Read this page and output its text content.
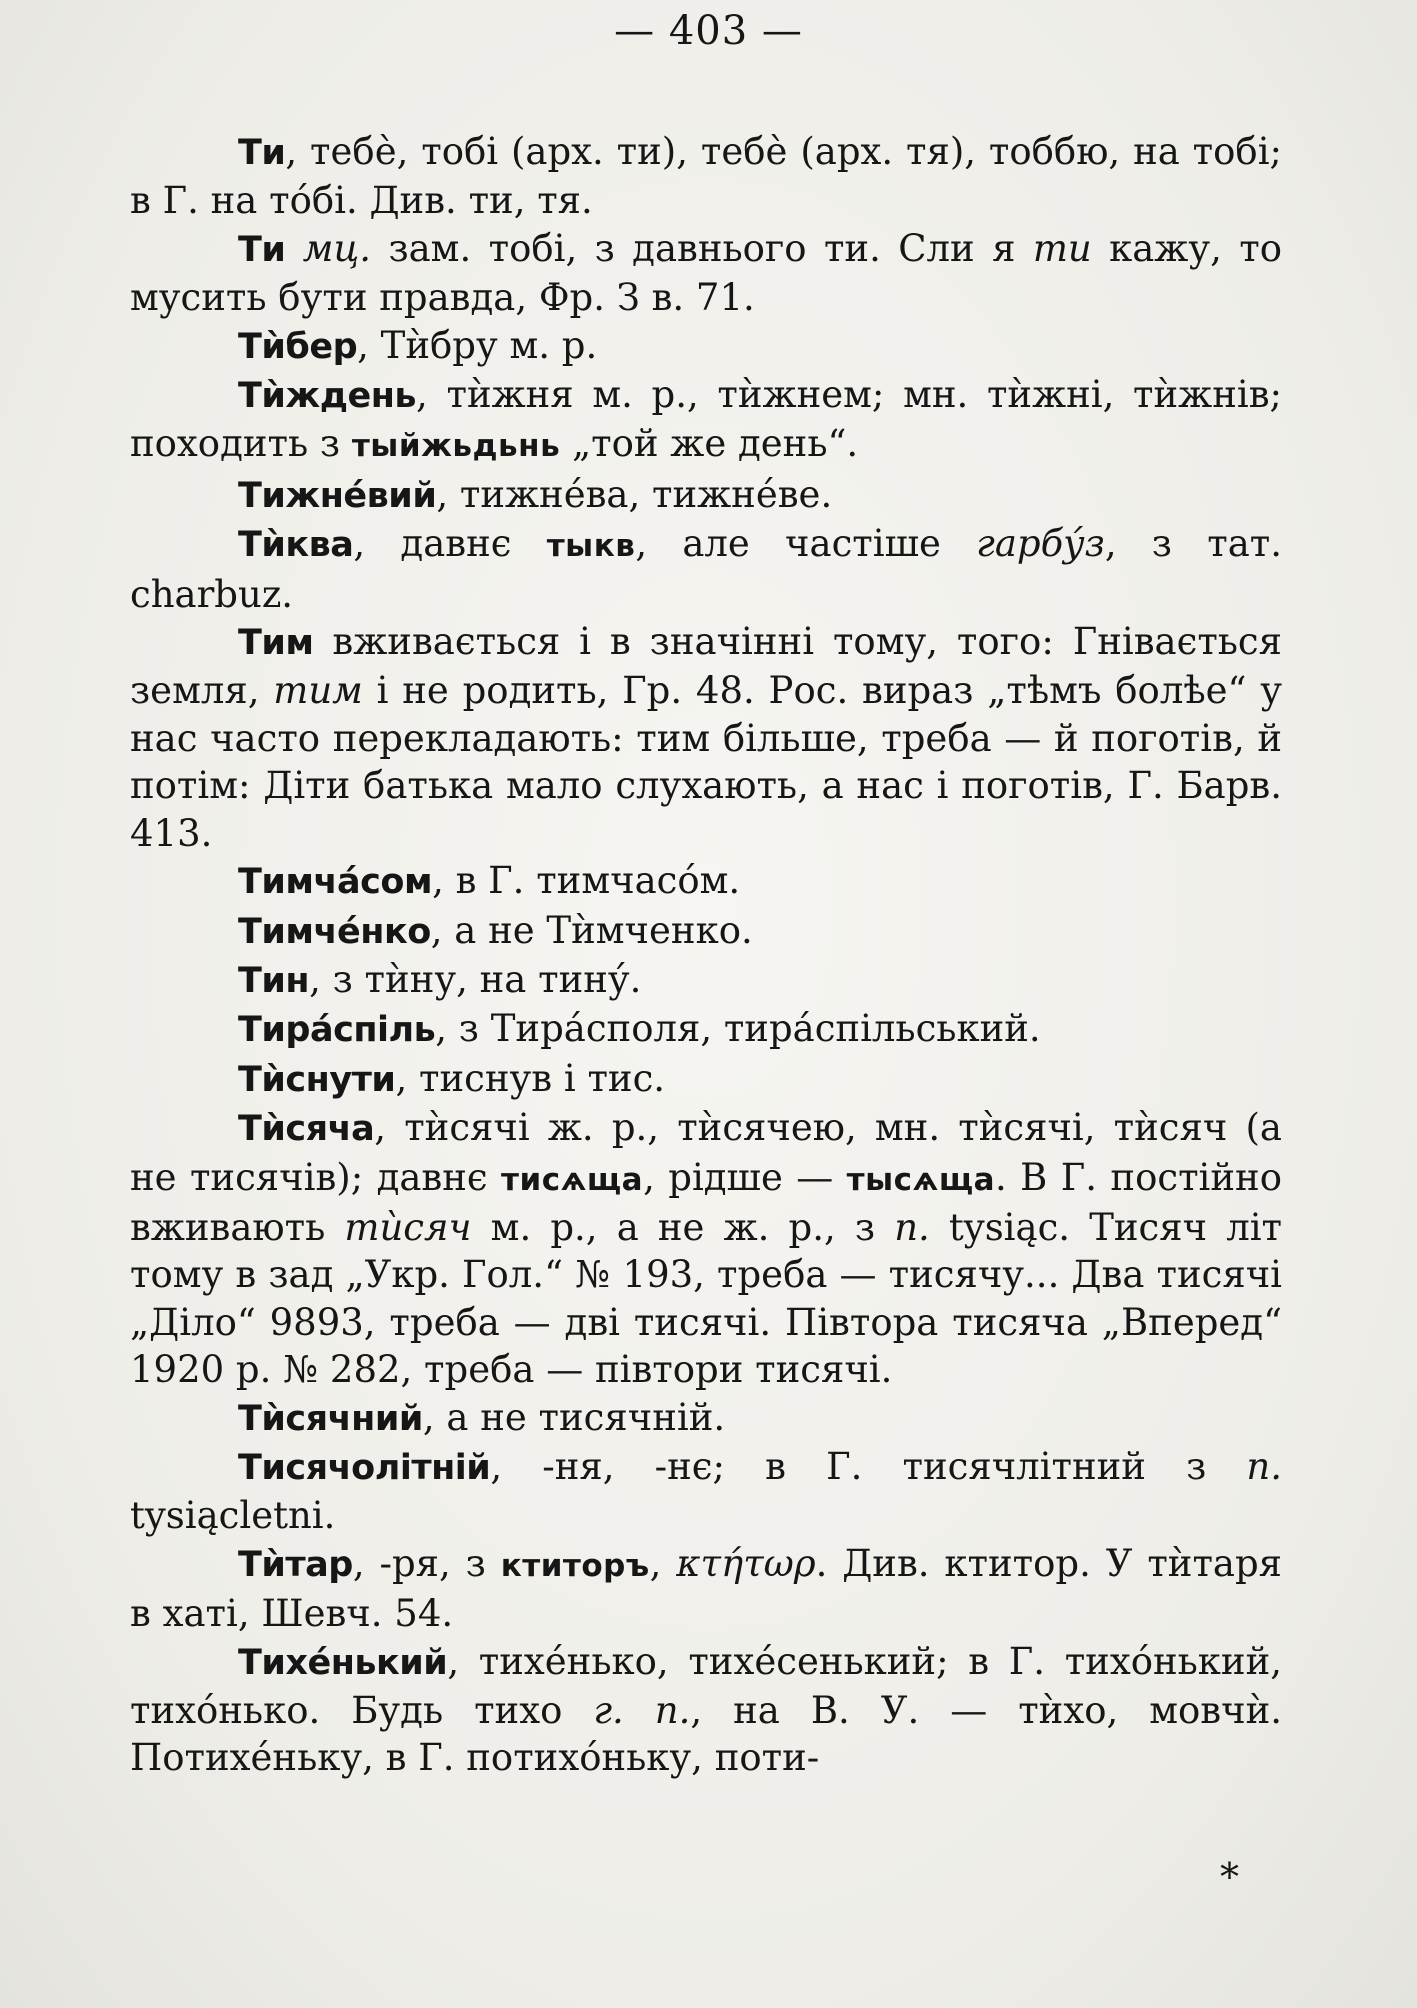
— 403 —

Ти, тебѐ, тобі (арх. ти), тебѐ (арх. тя), тоббю, на тобі; в Г. на тóбі. Див. ти, тя.

Ти мц. зам. тобі, з давнього ти. Сли я ти кажу, то мусить бути правда, Фр. З в. 71.

Тѝбер, Тѝбру м. р.

Тѝждень, тѝжня м. р., тѝжнем; мн. тѝжні, тѝжнів; походить з тыйжьдьнь „той же день“.

Тижне́вий, тижне́ва, тижне́ве.

Тѝква, давнє тыкв, але частіше гарбу́з, з тат. charbuz.

Тим вживається і в значінні тому, того: Гнівається земля, тим і не родить, Гр. 48. Рос. вираз „тѣмъ болѣе“ у нас часто перекладають: тим більше, треба — й поготів, й потім: Діти батька мало слухають, а нас і поготів, Г. Барв. 413.

Тимча́сом, в Г. тимчасóм.

Тимче́нко, а не Тѝмченко.

Тин, з тѝну, на тину́.

Тира́спіль, з Тира́споля, тира́спільський.

Тѝснути, тиснув і тис.

Тѝсяча, тѝсячі ж. р., тѝсячею, мн. тѝсячі, тѝсяч (а не тисячів); давнє тисѧща, рідше — тысѧща. В Г. постійно вживають тѝсяч м. р., а не ж. р., з п. tysiąc. Тисяч літ тому в зад „Укр. Гол.“ № 193, треба — тисячу... Два тисячі „Діло“ 9893, треба — дві тисячі. Півтора тисяча „Вперед“ 1920 р. № 282, треба — півтори тисячі.

Тѝсячний, а не тисячній.

Тисячолітній, -ня, -нє; в Г. тисячлітний з п. tysiącletni.

Тѝтар, -ря, з ктиторъ, κτήτωρ. Див. ктитор. У тѝтаря в хаті, Шевч. 54.

Тихе́нький, тихе́нько, тихе́сенький; в Г. тихóнький, тихóнько. Будь тихо г. п., на В. У. — тѝхо, мовчѝ. Потихе́ньку, в Г. потихóньку, поти-

*
